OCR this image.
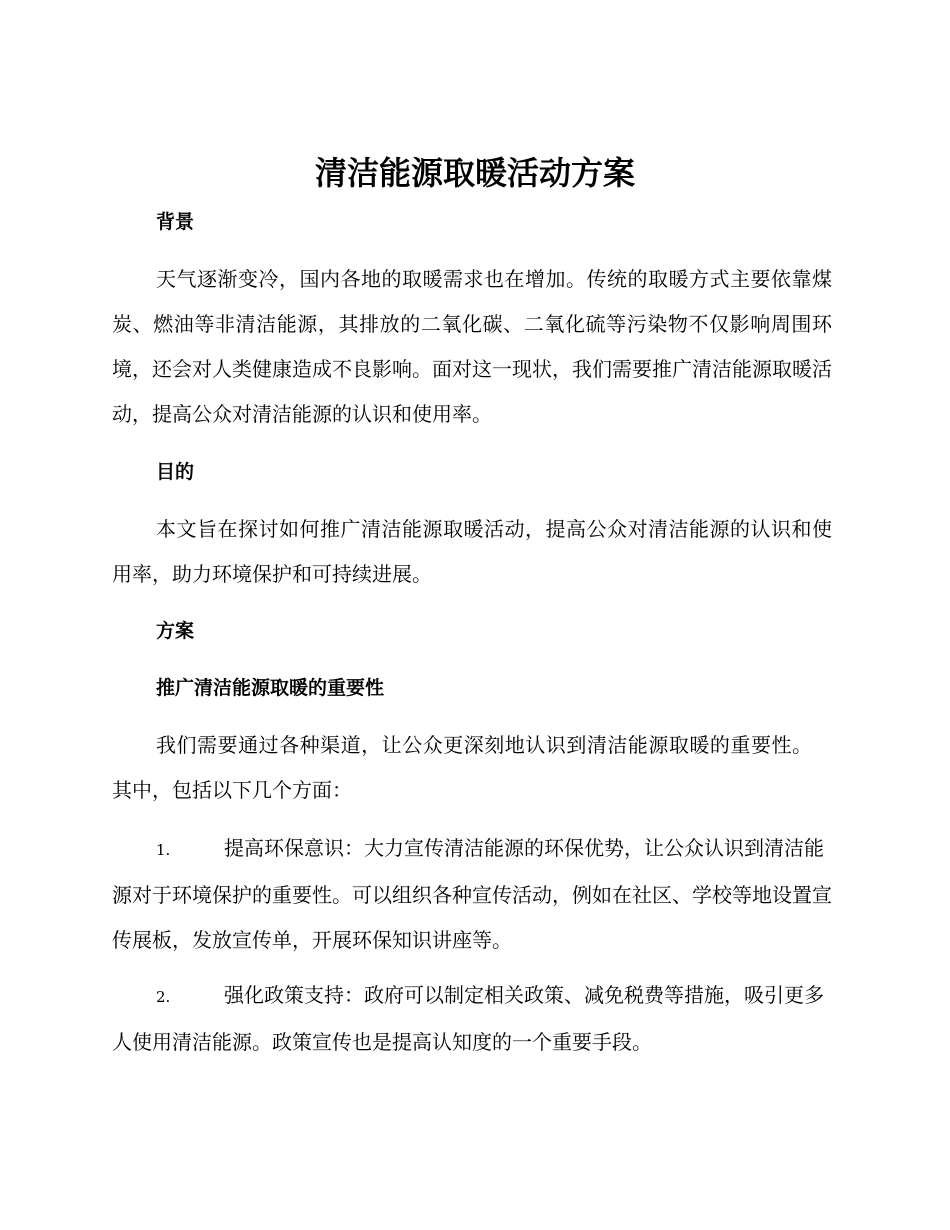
清洁能源取暖活动方案
背景

天气逐渐变冷，国内各地的取暖需求也在增加。传统的取暖方式主要依靠煤炭、燃油等非清洁能源，其排放的二氧化碳、二氧化硫等污染物不仅影响周围环境，还会对人类健康造成不良影响。面对这一现状，我们需要推广清洁能源取暖活动，提高公众对清洁能源的认识和使用率。

目的

本文旨在探讨如何推广清洁能源取暖活动，提高公众对清洁能源的认识和使用率，助力环境保护和可持续进展。

方案
推广清洁能源取暖的重要性

我们需要通过各种渠道，让公众更深刻地认识到清洁能源取暖的重要性。其中，包括以下几个方面：

1.	提高环保意识：大力宣传清洁能源的环保优势，让公众认识到清洁能源对于环境保护的重要性。可以组织各种宣传活动，例如在社区、学校等地设置宣传展板，发放宣传单，开展环保知识讲座等。

2.	强化政策支持：政府可以制定相关政策、减免税费等措施，吸引更多人使用清洁能源。政策宣传也是提高认知度的一个重要手段。
